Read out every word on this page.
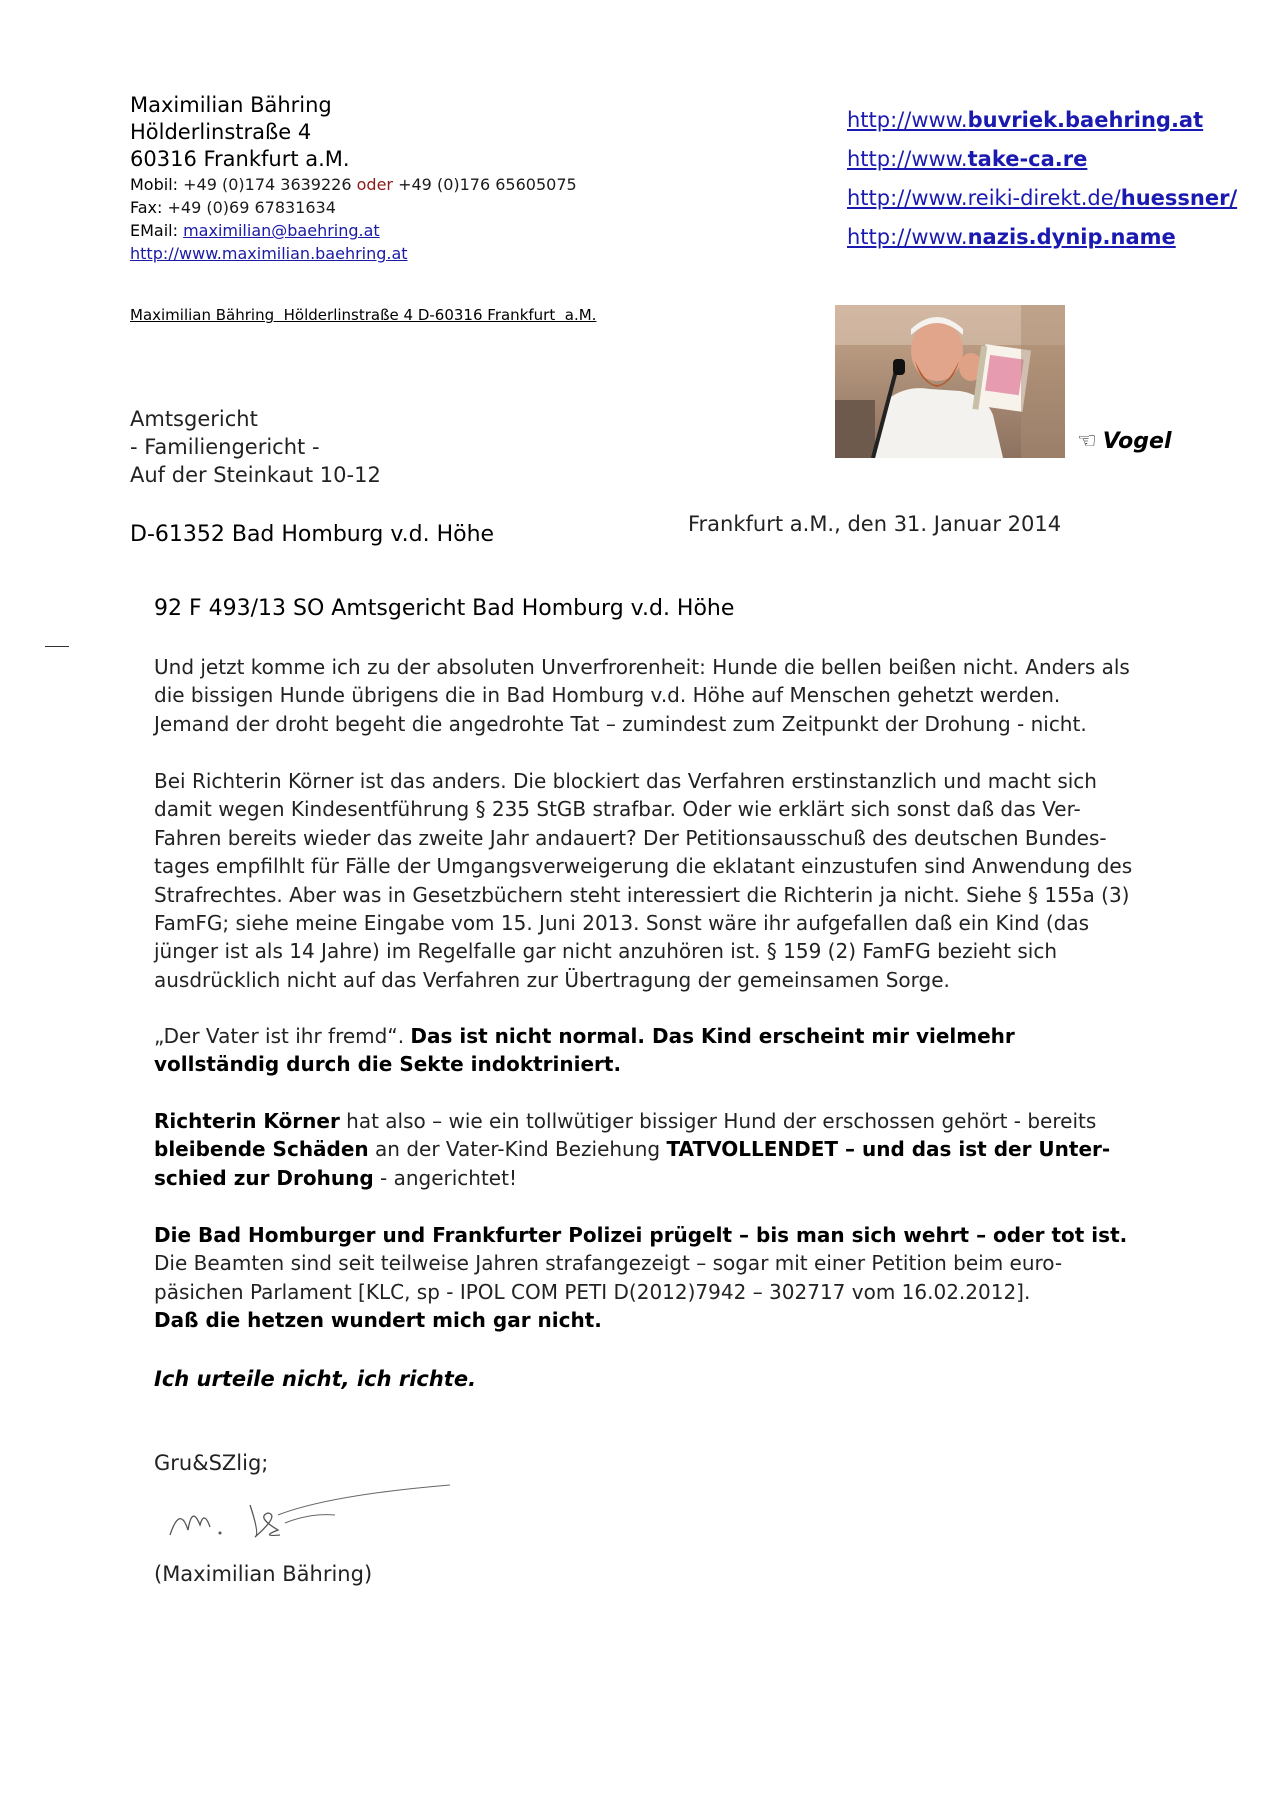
Maximilian Bähring
Hölderlinstraße 4
60316 Frankfurt a.M.
Mobil: +49 (0)174 3639226 oder +49 (0)176 65605075
Fax: +49 (0)69 67831634
EMail: maximilian@baehring.at
http://www.maximilian.baehring.at
http://www.buvriek.baehring.at
http://www.take-ca.re
http://www.reiki-direkt.de/huessner/
http://www.nazis.dynip.name
Maximilian Bähring  Hölderlinstraße 4 D-60316 Frankfurt  a.M.
☜ Vogel
Amtsgericht
- Familiengericht -
Auf der Steinkaut 10-12
D-61352 Bad Homburg v.d. Höhe	Frankfurt a.M., den 31. Januar 2014
92 F 493/13 SO Amtsgericht Bad Homburg v.d. Höhe
Und jetzt komme ich zu der absoluten Unverfrorenheit: Hunde die bellen beißen nicht. Anders als die bissigen Hunde übrigens die in Bad Homburg v.d. Höhe auf Menschen gehetzt werden. Jemand der droht begeht die angedrohte Tat – zumindest zum Zeitpunkt der Drohung - nicht.
Bei Richterin Körner ist das anders. Die blockiert das Verfahren erstinstanzlich und macht sich damit wegen Kindesentführung § 235 StGB strafbar. Oder wie erklärt sich sonst daß das Ver-Fahren bereits wieder das zweite Jahr andauert? Der Petitionsausschuß des deutschen Bundes-tages empfilhlt für Fälle der Umgangsverweigerung die eklatant einzustufen sind Anwendung des Strafrechtes. Aber was in Gesetzbüchern steht interessiert die Richterin ja nicht. Siehe § 155a (3) FamFG; siehe meine Eingabe vom 15. Juni 2013. Sonst wäre ihr aufgefallen daß ein Kind (das jünger ist als 14 Jahre) im Regelfalle gar nicht anzuhören ist. § 159 (2) FamFG bezieht sich ausdrücklich nicht auf das Verfahren zur Übertragung der gemeinsamen Sorge.
„Der Vater ist ihr fremd“. Das ist nicht normal. Das Kind erscheint mir vielmehr vollständig durch die Sekte indoktriniert.
Richterin Körner hat also – wie ein tollwütiger bissiger Hund der erschossen gehört - bereits bleibende Schäden an der Vater-Kind Beziehung TATVOLLENDET – und das ist der Unter-schied zur Drohung - angerichtet!
Die Bad Homburger und Frankfurter Polizei prügelt – bis man sich wehrt – oder tot ist.
Die Beamten sind seit teilweise Jahren strafangezeigt – sogar mit einer Petition beim euro-päsichen Parlament [KLC, sp - IPOL COM PETI D(2012)7942 – 302717 vom 16.02.2012].
Daß die hetzen wundert mich gar nicht.
Ich urteile nicht, ich richte.
Gru&SZlig;
(Maximilian Bähring)
